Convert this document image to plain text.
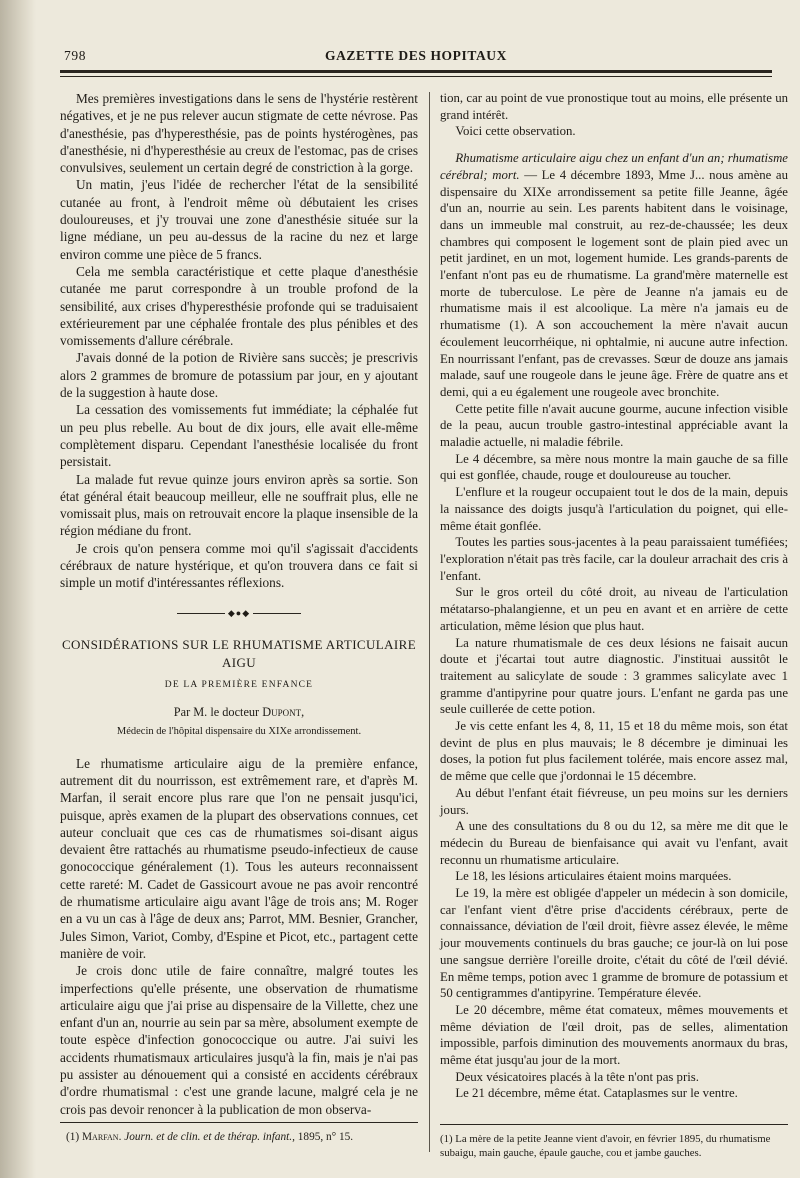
798	GAZETTE DES HOPITAUX

Mes premières investigations dans le sens de l'hystérie restèrent négatives, et je ne pus relever aucun stigmate de cette névrose. Pas d'anesthésie, pas d'hyperesthésie, pas de points hystérogènes, pas d'anesthésie, ni d'hyperesthésie au creux de l'estomac, pas de crises convulsives, seulement un certain degré de constriction à la gorge.

Un matin, j'eus l'idée de rechercher l'état de la sensibilité cutanée au front, à l'endroit même où débutaient les crises douloureuses, et j'y trouvai une zone d'anesthésie située sur la ligne médiane, un peu au-dessus de la racine du nez et large environ comme une pièce de 5 francs.

Cela me sembla caractéristique et cette plaque d'anesthésie cutanée me parut correspondre à un trouble profond de la sensibilité, aux crises d'hyperesthésie profonde qui se traduisaient extérieurement par une céphalée frontale des plus pénibles et des vomissements d'allure cérébrale.

J'avais donné de la potion de Rivière sans succès; je prescrivis alors 2 grammes de bromure de potassium par jour, en y ajoutant de la suggestion à haute dose.

La cessation des vomissements fut immédiate; la céphalée fut un peu plus rebelle. Au bout de dix jours, elle avait elle-même complètement disparu. Cependant l'anesthésie localisée du front persistait.

La malade fut revue quinze jours environ après sa sortie. Son état général était beaucoup meilleur, elle ne souffrait plus, elle ne vomissait plus, mais on retrouvait encore la plaque insensible de la région médiane du front.

Je crois qu'on pensera comme moi qu'il s'agissait d'accidents cérébraux de nature hystérique, et qu'on trouvera dans ce fait si simple un motif d'intéressantes réflexions.

◆●◆
CONSIDÉRATIONS SUR LE RHUMATISME ARTICULAIRE AIGU
DE LA PREMIÈRE ENFANCE
Par M. le docteur Dupont,
Médecin de l'hôpital dispensaire du XIXe arrondissement.

Le rhumatisme articulaire aigu de la première enfance, autrement dit du nourrisson, est extrêmement rare, et d'après M. Marfan, il serait encore plus rare que l'on ne pensait jusqu'ici, puisque, après examen de la plupart des observations connues, cet auteur concluait que ces cas de rhumatismes soi-disant aigus devaient être rattachés au rhumatisme pseudo-infectieux de cause gonococcique généralement (1). Tous les auteurs reconnaissent cette rareté: M. Cadet de Gassicourt avoue ne pas avoir rencontré de rhumatisme articulaire aigu avant l'âge de trois ans; M. Roger en a vu un cas à l'âge de deux ans; Parrot, MM. Besnier, Grancher, Jules Simon, Variot, Comby, d'Espine et Picot, etc., partagent cette manière de voir.

Je crois donc utile de faire connaître, malgré toutes les imperfections qu'elle présente, une observation de rhumatisme articulaire aigu que j'ai prise au dispensaire de la Villette, chez une enfant d'un an, nourrie au sein par sa mère, absolument exempte de toute espèce d'infection gonococcique ou autre. J'ai suivi les accidents rhumatismaux articulaires jusqu'à la fin, mais je n'ai pas pu assister au dénouement qui a consisté en accidents cérébraux d'ordre rhumatismal : c'est une grande lacune, malgré cela je ne crois pas devoir renoncer à la publication de mon observa-

tion, car au point de vue pronostique tout au moins, elle présente un grand intérêt.

Voici cette observation.

Rhumatisme articulaire aigu chez un enfant d'un an; rhumatisme cérébral; mort. — Le 4 décembre 1893, Mme J... nous amène au dispensaire du XIXe arrondissement sa petite fille Jeanne, âgée d'un an, nourrie au sein. Les parents habitent dans le voisinage, dans un immeuble mal construit, au rez-de-chaussée; les deux chambres qui composent le logement sont de plain pied avec un petit jardinet, en un mot, logement humide. Les grands-parents de l'enfant n'ont pas eu de rhumatisme. La grand'mère maternelle est morte de tuberculose. Le père de Jeanne n'a jamais eu de rhumatisme mais il est alcoolique. La mère n'a jamais eu de rhumatisme (1). A son accouchement la mère n'avait aucun écoulement leucorrhéique, ni ophtalmie, ni aucune autre infection. En nourrissant l'enfant, pas de crevasses. Sœur de douze ans jamais malade, sauf une rougeole dans le jeune âge. Frère de quatre ans et demi, qui a eu également une rougeole avec bronchite.

Cette petite fille n'avait aucune gourme, aucune infection visible de la peau, aucun trouble gastro-intestinal appréciable avant la maladie actuelle, ni maladie fébrile.

Le 4 décembre, sa mère nous montre la main gauche de sa fille qui est gonflée, chaude, rouge et douloureuse au toucher.

L'enflure et la rougeur occupaient tout le dos de la main, depuis la naissance des doigts jusqu'à l'articulation du poignet, qui elle-même était gonflée.

Toutes les parties sous-jacentes à la peau paraissaient tuméfiées; l'exploration n'était pas très facile, car la douleur arrachait des cris à l'enfant.

Sur le gros orteil du côté droit, au niveau de l'articulation métatarso-phalangienne, et un peu en avant et en arrière de cette articulation, même lésion que plus haut.

La nature rhumatismale de ces deux lésions ne faisait aucun doute et j'écartai tout autre diagnostic. J'instituai aussitôt le traitement au salicylate de soude : 3 grammes salicylate avec 1 gramme d'antipyrine pour quatre jours. L'enfant ne garda pas une seule cuillerée de cette potion.

Je vis cette enfant les 4, 8, 11, 15 et 18 du même mois, son état devint de plus en plus mauvais; le 8 décembre je diminuai les doses, la potion fut plus facilement tolérée, mais encore assez mal, de même que celle que j'ordonnai le 15 décembre.

Au début l'enfant était fiévreuse, un peu moins sur les derniers jours.

A une des consultations du 8 ou du 12, sa mère me dit que le médecin du Bureau de bienfaisance qui avait vu l'enfant, avait reconnu un rhumatisme articulaire.

Le 18, les lésions articulaires étaient moins marquées.

Le 19, la mère est obligée d'appeler un médecin à son domicile, car l'enfant vient d'être prise d'accidents cérébraux, perte de connaissance, déviation de l'œil droit, fièvre assez élevée, le même jour mouvements continuels du bras gauche; ce jour-là on lui pose une sangsue derrière l'oreille droite, c'était du côté de l'œil dévié. En même temps, potion avec 1 gramme de bromure de potassium et 50 centigrammes d'antipyrine. Température élevée.

Le 20 décembre, même état comateux, mêmes mouvements et même déviation de l'œil droit, pas de selles, alimentation impossible, parfois diminution des mouvements anormaux du bras, même état jusqu'au jour de la mort.

Deux vésicatoires placés à la tête n'ont pas pris.

Le 21 décembre, même état. Cataplasmes sur le ventre.

(1) Marfan. Journ. et de clin. et de thérap. infant., 1895, n° 15.	(1) La mère de la petite Jeanne vient d'avoir, en février 1895, du rhumatisme subaigu, main gauche, épaule gauche, cou et jambe gauches.
